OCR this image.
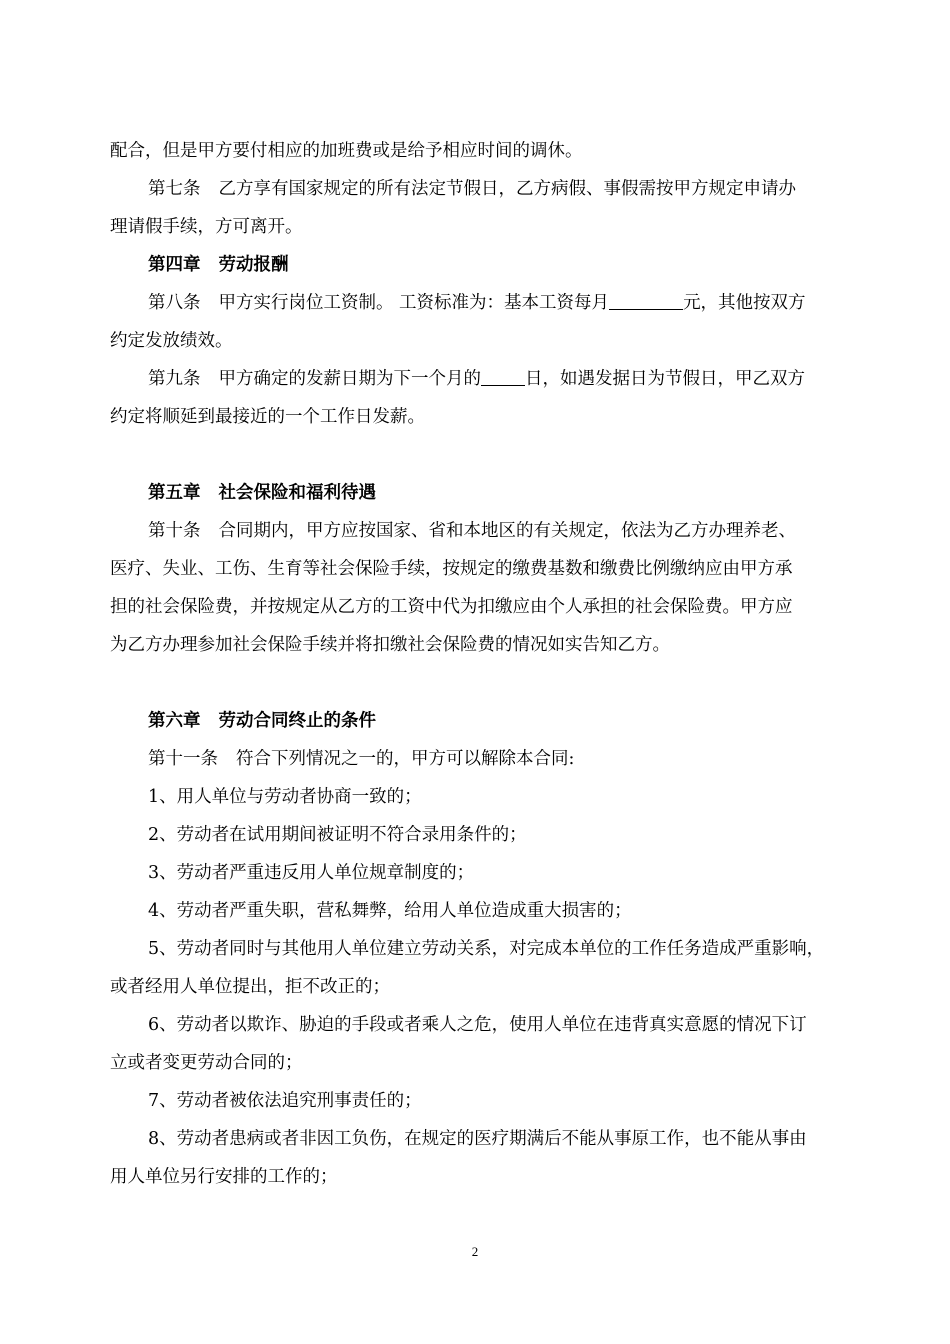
配合，但是甲方要付相应的加班费或是给予相应时间的调休。
第七条 乙方享有国家规定的所有法定节假日，乙方病假、事假需按甲方规定申请办
理请假手续，方可离开。
第四章 劳动报酬
第八条 甲方实行岗位工资制。 工资标准为：基本工资每月	元，其他按双方
约定发放绩效。
第九条 甲方确定的发薪日期为下一个月的	日，如遇发据日为节假日，甲乙双方
约定将顺延到最接近的一个工作日发薪。
第五章 社会保险和福利待遇
第十条 合同期内，甲方应按国家、省和本地区的有关规定，依法为乙方办理养老、
医疗、失业、工伤、生育等社会保险手续，按规定的缴费基数和缴费比例缴纳应由甲方承
担的社会保险费，并按规定从乙方的工资中代为扣缴应由个人承担的社会保险费。甲方应
为乙方办理参加社会保险手续并将扣缴社会保险费的情况如实告知乙方。
第六章 劳动合同终止的条件
第十一条 符合下列情况之一的，甲方可以解除本合同:
1、用人单位与劳动者协商一致的；
2、劳动者在试用期间被证明不符合录用条件的；
3、劳动者严重违反用人单位规章制度的；
4、劳动者严重失职，营私舞弊，给用人单位造成重大损害的；
5、劳动者同时与其他用人单位建立劳动关系，对完成本单位的工作任务造成严重影响，
或者经用人单位提出，拒不改正的；
6、劳动者以欺诈、胁迫的手段或者乘人之危，使用人单位在违背真实意愿的情况下订
立或者变更劳动合同的；
7、劳动者被依法追究刑事责任的；
8、劳动者患病或者非因工负伤，在规定的医疗期满后不能从事原工作，也不能从事由
用人单位另行安排的工作的；
2
